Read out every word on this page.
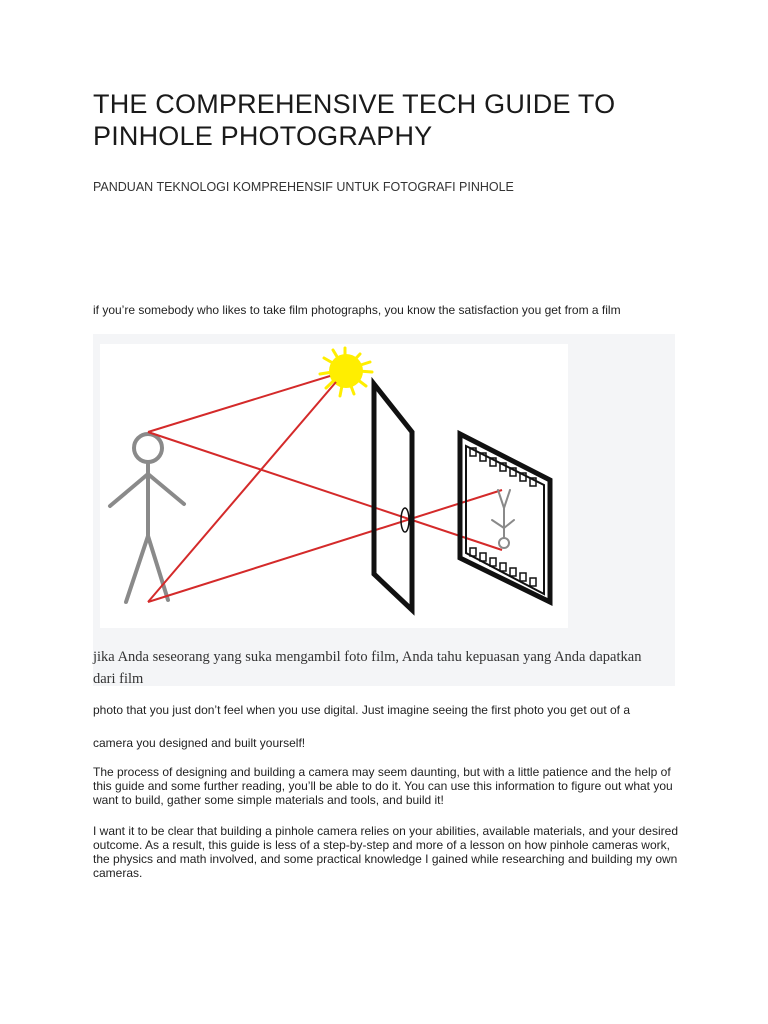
THE COMPREHENSIVE TECH GUIDE TO PINHOLE PHOTOGRAPHY

PANDUAN TEKNOLOGI KOMPREHENSIF UNTUK FOTOGRAFI PINHOLE

if you’re somebody who likes to take film photographs, you know the satisfaction you get from a film

jika Anda seseorang yang suka mengambil foto film, Anda tahu kepuasan yang Anda dapatkan dari film

photo that you just don’t feel when you use digital. Just imagine seeing the first photo you get out of a

camera you designed and built yourself!

The process of designing and building a camera may seem daunting, but with a little patience and the help of this guide and some further reading, you’ll be able to do it. You can use this information to figure out what you want to build, gather some simple materials and tools, and build it!

I want it to be clear that building a pinhole camera relies on your abilities, available materials, and your desired outcome. As a result, this guide is less of a step-by-step and more of a lesson on how pinhole cameras work, the physics and math involved, and some practical knowledge I gained while researching and building my own cameras.
